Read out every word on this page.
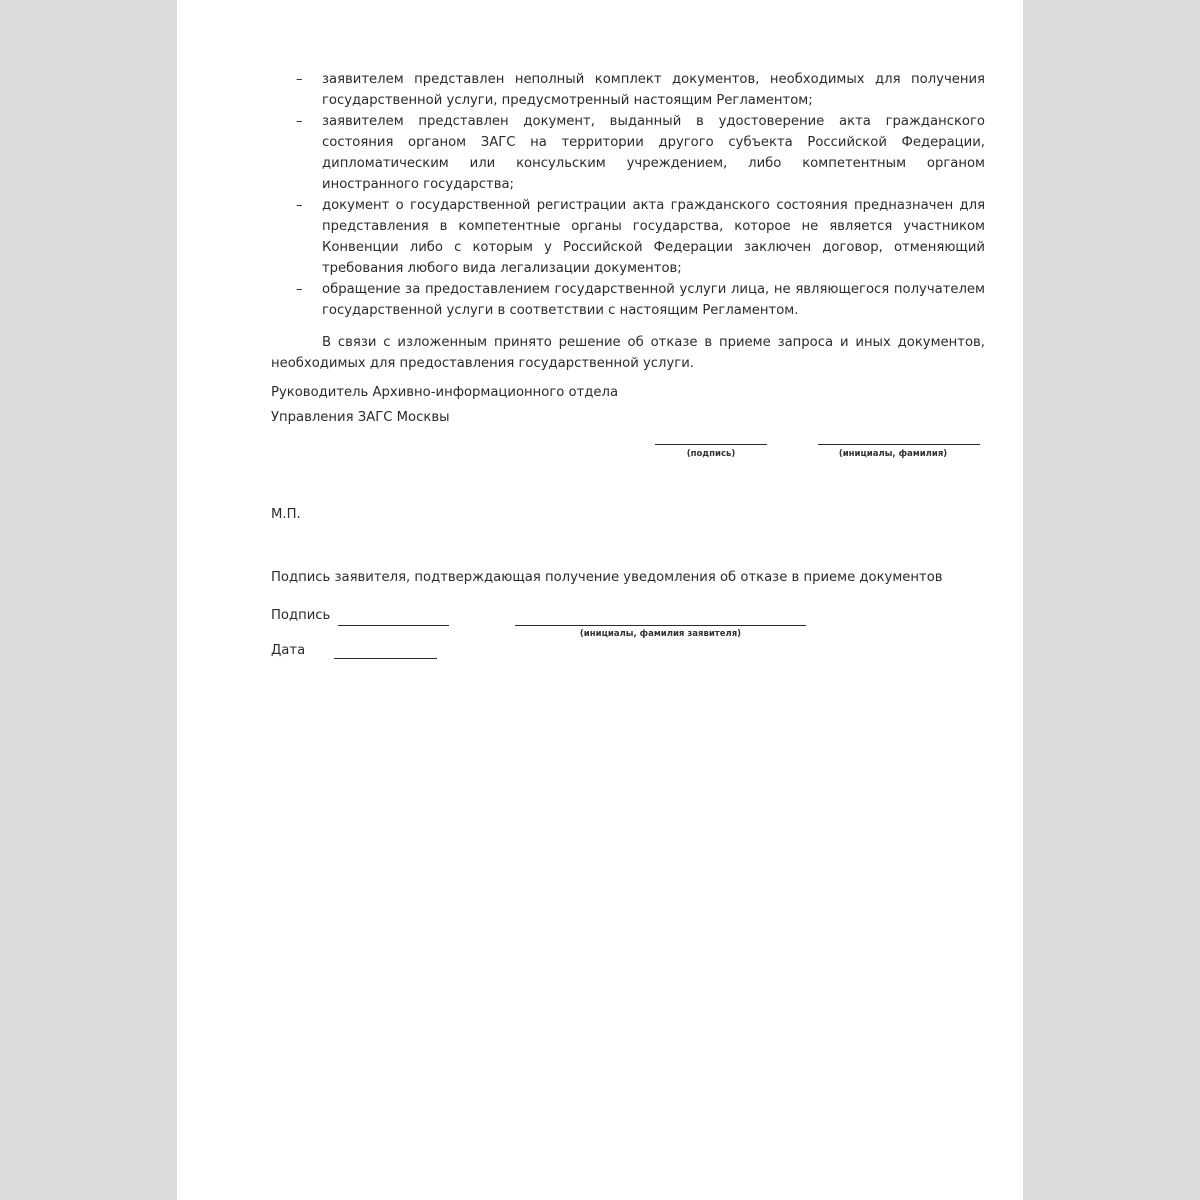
– заявителем представлен неполный комплект документов, необходимых для получения государственной услуги, предусмотренный настоящим Регламентом;
– заявителем представлен документ, выданный в удостоверение акта гражданского состояния органом ЗАГС на территории другого субъекта Российской Федерации, дипломатическим или консульским учреждением, либо компетентным органом иностранного государства;
– документ о государственной регистрации акта гражданского состояния предназначен для представления в компетентные органы государства, которое не является участником Конвенции либо с которым у Российской Федерации заключен договор, отменяющий требования любого вида легализации документов;
– обращение за предоставлением государственной услуги лица, не являющегося получателем государственной услуги в соответствии с настоящим Регламентом.

В связи с изложенным принято решение об отказе в приеме запроса и иных документов, необходимых для предоставления государственной услуги.

Руководитель Архивно-информационного отдела

Управления ЗАГС Москвы

(подпись)	(инициалы, фамилия)

М.П.

Подпись заявителя, подтверждающая получение уведомления об отказе в приеме документов

Подпись

(инициалы, фамилия заявителя)

Дата
